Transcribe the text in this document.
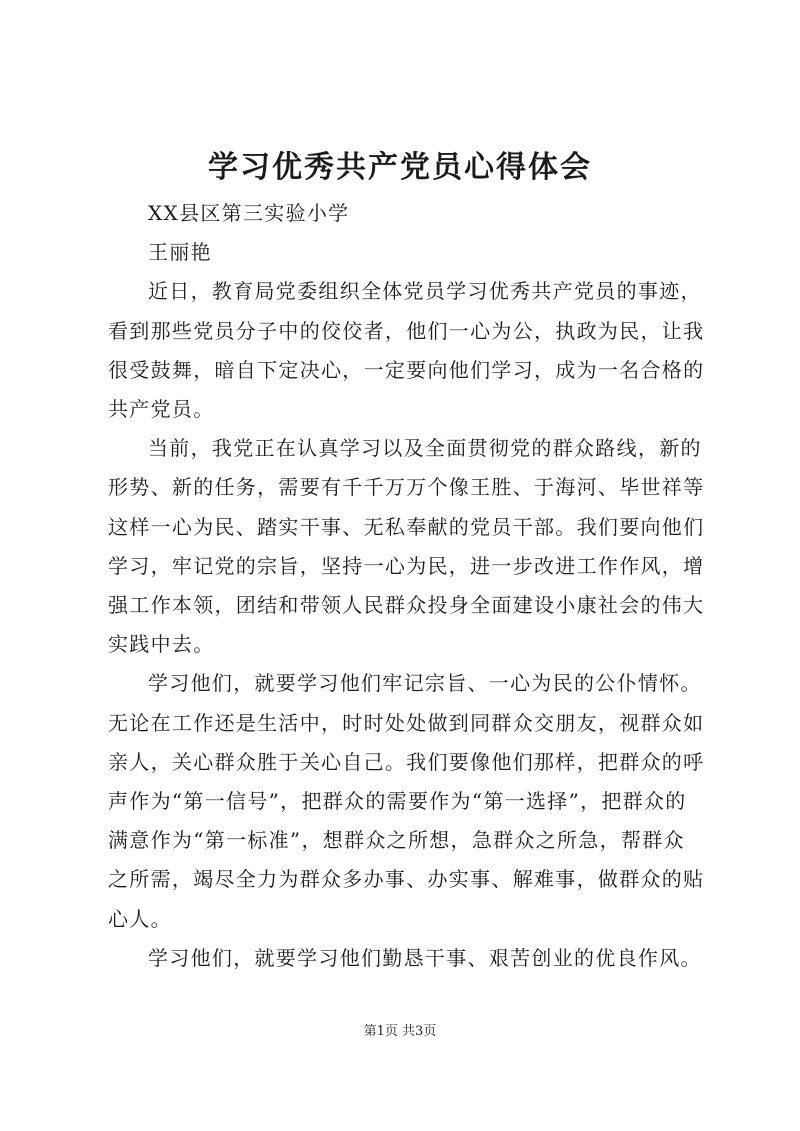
学习优秀共产党员心得体会
XX县区第三实验小学
王丽艳
近日，教育局党委组织全体党员学习优秀共产党员的事迹，
看到那些党员分子中的佼佼者，他们一心为公，执政为民，让我
很受鼓舞，暗自下定决心，一定要向他们学习，成为一名合格的
共产党员。
当前，我党正在认真学习以及全面贯彻党的群众路线，新的
形势、新的任务，需要有千千万万个像王胜、于海河、毕世祥等
这样一心为民、踏实干事、无私奉献的党员干部。我们要向他们
学习，牢记党的宗旨，坚持一心为民，进一步改进工作作风，增
强工作本领，团结和带领人民群众投身全面建设小康社会的伟大
实践中去。
学习他们，就要学习他们牢记宗旨、一心为民的公仆情怀。
无论在工作还是生活中，时时处处做到同群众交朋友，视群众如
亲人，关心群众胜于关心自己。我们要像他们那样，把群众的呼
声作为“第一信号”，把群众的需要作为“第一选择”，把群众的
满意作为“第一标准”，想群众之所想，急群众之所急，帮群众
之所需，竭尽全力为群众多办事、办实事、解难事，做群众的贴
心人。
学习他们，就要学习他们勤恳干事、艰苦创业的优良作风。
第1页 共3页
